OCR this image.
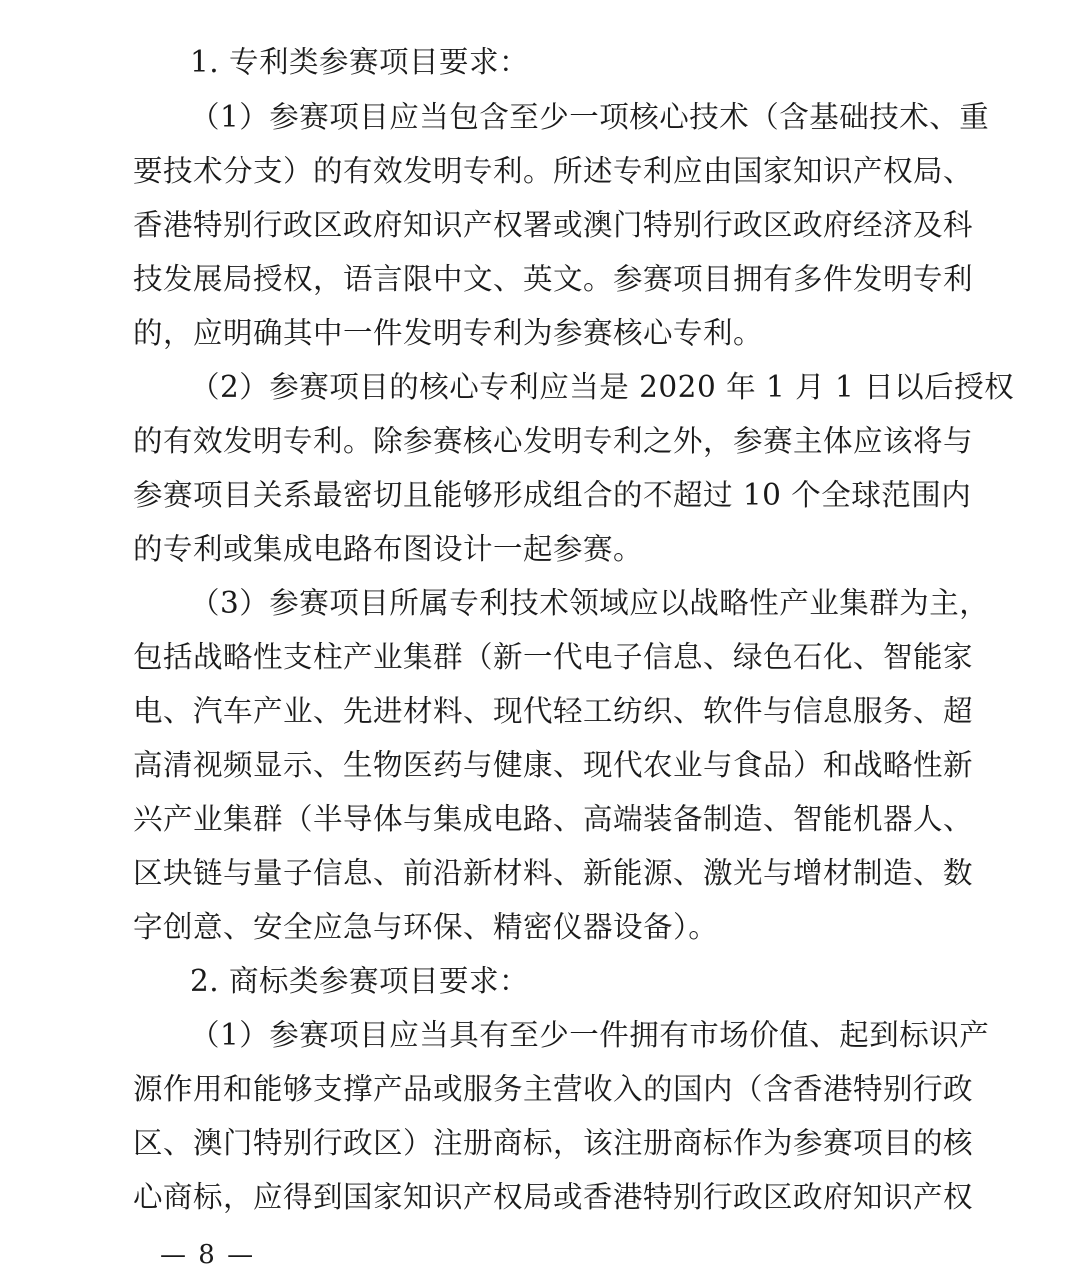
1. 专利类参赛项目要求：
（1）参赛项目应当包含至少一项核心技术（含基础技术、重
要技术分支）的有效发明专利。所述专利应由国家知识产权局、
香港特别行政区政府知识产权署或澳门特别行政区政府经济及科
技发展局授权，语言限中文、英文。参赛项目拥有多件发明专利
的，应明确其中一件发明专利为参赛核心专利。
（2）参赛项目的核心专利应当是 2020 年 1 月 1 日以后授权
的有效发明专利。除参赛核心发明专利之外，参赛主体应该将与
参赛项目关系最密切且能够形成组合的不超过 10 个全球范围内
的专利或集成电路布图设计一起参赛。
（3）参赛项目所属专利技术领域应以战略性产业集群为主，
包括战略性支柱产业集群（新一代电子信息、绿色石化、智能家
电、汽车产业、先进材料、现代轻工纺织、软件与信息服务、超
高清视频显示、生物医药与健康、现代农业与食品）和战略性新
兴产业集群（半导体与集成电路、高端装备制造、智能机器人、
区块链与量子信息、前沿新材料、新能源、激光与增材制造、数
字创意、安全应急与环保、精密仪器设备）。
2. 商标类参赛项目要求：
（1）参赛项目应当具有至少一件拥有市场价值、起到标识产
源作用和能够支撑产品或服务主营收入的国内（含香港特别行政
区、澳门特别行政区）注册商标，该注册商标作为参赛项目的核
心商标，应得到国家知识产权局或香港特别行政区政府知识产权
— 8 —
